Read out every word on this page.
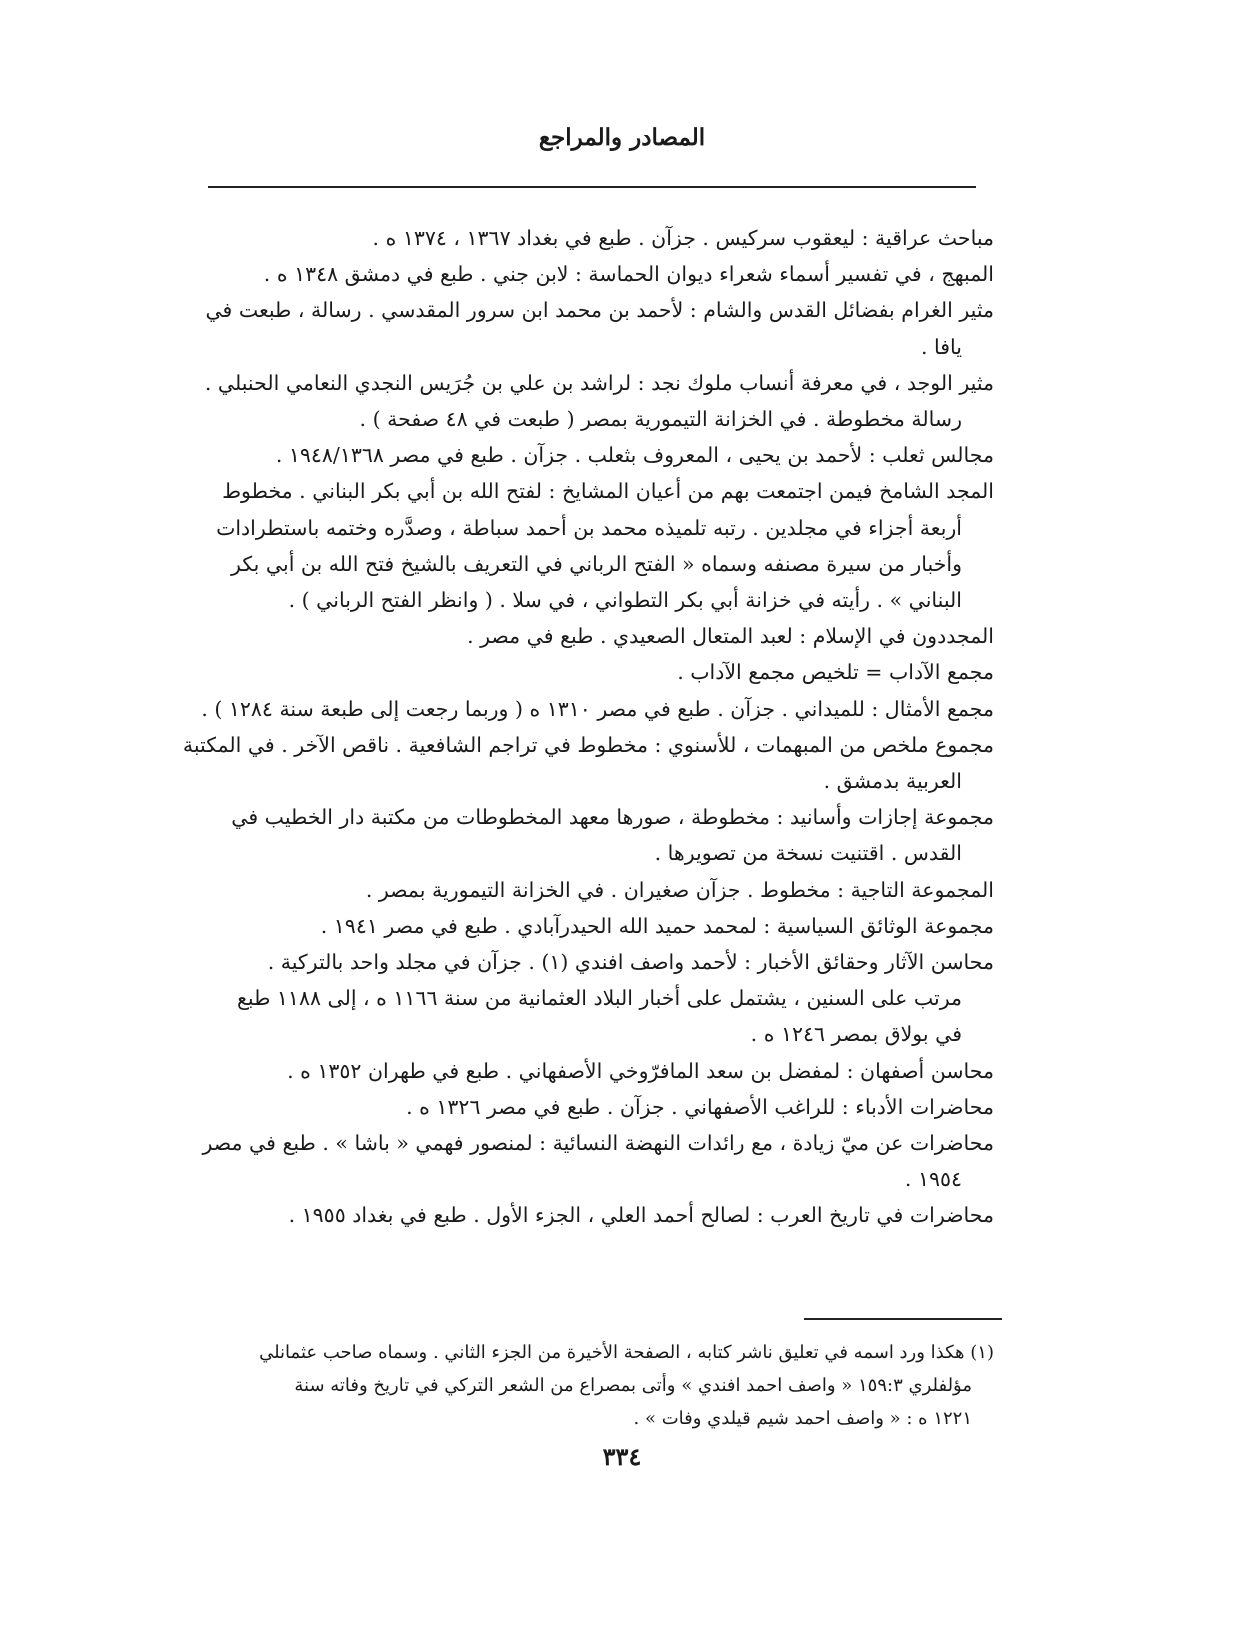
المصادر والمراجع
مباحث عراقية : ليعقوب سركيس . جزآن . طبع في بغداد ١٣٦٧ ، ١٣٧٤ ه .
المبهج ، في تفسير أسماء شعراء ديوان الحماسة : لابن جني . طبع في دمشق ١٣٤٨ ه .
مثير الغرام بفضائل القدس والشام : لأحمد بن محمد ابن سرور المقدسي . رسالة ، طبعت في
يافا .
مثير الوجد ، في معرفة أنساب ملوك نجد : لراشد بن علي بن جُرَيس النجدي النعامي الحنبلي .
رسالة مخطوطة . في الخزانة التيمورية بمصر ( طبعت في ٤٨ صفحة ) .
مجالس ثعلب : لأحمد بن يحيى ، المعروف بثعلب . جزآن . طبع في مصر ١٩٤٨/١٣٦٨ .
المجد الشامخ فيمن اجتمعت بهم من أعيان المشايخ : لفتح الله بن أبي بكر البناني . مخطوط
أربعة أجزاء في مجلدين . رتبه تلميذه محمد بن أحمد سباطة ، وصدَّره وختمه باستطرادات
وأخبار من سيرة مصنفه وسماه « الفتح الرباني في التعريف بالشيخ فتح الله بن أبي بكر
البناني » . رأيته في خزانة أبي بكر التطواني ، في سلا . ( وانظر الفتح الرباني ) .
المجددون في الإسلام : لعبد المتعال الصعيدي . طبع في مصر .
مجمع الآداب = تلخيص مجمع الآداب .
مجمع الأمثال : للميداني . جزآن . طبع في مصر ١٣١٠ ه ( وربما رجعت إلى طبعة سنة ١٢٨٤ ) .
مجموع ملخص من المبهمات ، للأسنوي : مخطوط في تراجم الشافعية . ناقص الآخر . في المكتبة
العربية بدمشق .
مجموعة إجازات وأسانيد : مخطوطة ، صورها معهد المخطوطات من مكتبة دار الخطيب في
القدس . اقتنيت نسخة من تصويرها .
المجموعة التاجية : مخطوط . جزآن صغيران . في الخزانة التيمورية بمصر .
مجموعة الوثائق السياسية : لمحمد حميد الله الحيدرآبادي . طبع في مصر ١٩٤١ .
محاسن الآثار وحقائق الأخبار : لأحمد واصف افندي (١) . جزآن في مجلد واحد بالتركية .
مرتب على السنين ، يشتمل على أخبار البلاد العثمانية من سنة ١١٦٦ ه ، إلى ١١٨٨ طبع
في بولاق بمصر ١٢٤٦ ه .
محاسن أصفهان : لمفضل بن سعد المافرّوخي الأصفهاني . طبع في طهران ١٣٥٢ ه .
محاضرات الأدباء : للراغب الأصفهاني . جزآن . طبع في مصر ١٣٢٦ ه .
محاضرات عن ميّ زيادة ، مع رائدات النهضة النسائية : لمنصور فهمي « باشا » . طبع في مصر
١٩٥٤ .
محاضرات في تاريخ العرب : لصالح أحمد العلي ، الجزء الأول . طبع في بغداد ١٩٥٥ .
(١) هكذا ورد اسمه في تعليق ناشر كتابه ، الصفحة الأخيرة من الجزء الثاني . وسماه صاحب عثمانلي
مؤلفلري ١٥٩:٣ « واصف احمد افندي » وأتى بمصراع من الشعر التركي في تاريخ وفاته سنة
١٢٢١ ه : « واصف احمد شيم قيلدي وفات » .
٣٣٤
